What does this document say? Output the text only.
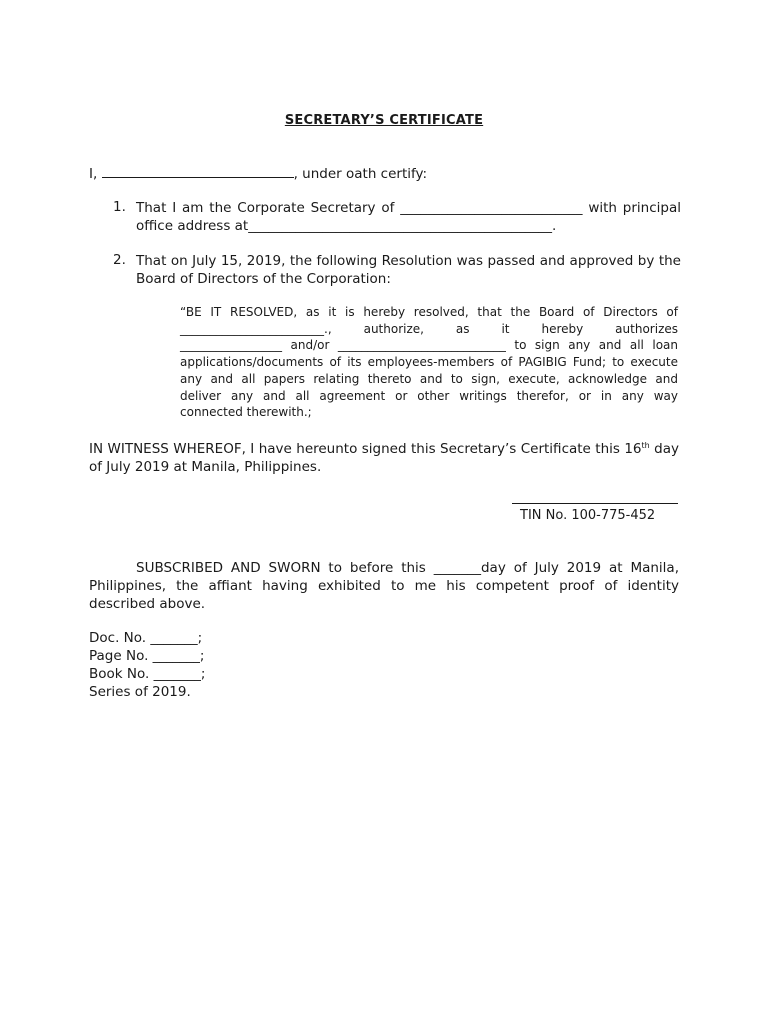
SECRETARY’S CERTIFICATE
I,	, under oath certify:
1. That I am the Corporate Secretary of ___________________________ with principal office address at_____________________________________________.
2. That on July 15, 2019, the following Resolution was passed and approved by the Board of Directors of the Corporation:
“BE IT RESOLVED, as it is hereby resolved, that the Board of Directors of
________________________., authorize, as it hereby authorizes
_________________ and/or ____________________________ to sign any and all loan
applications/documents of its employees-members of PAGIBIG Fund; to execute
any and all papers relating thereto and to sign, execute, acknowledge and
deliver any and all agreement or other writings therefor, or in any way
connected therewith.;
IN WITNESS WHEREOF, I have hereunto signed this Secretary’s Certificate this 16th day of July 2019 at Manila, Philippines.
TIN No. 100-775-452
SUBSCRIBED AND SWORN to before this _______day of July 2019 at Manila, Philippines, the affiant having exhibited to me his competent proof of identity described above.
Doc. No. _______;
Page No. _______;
Book No. _______;
Series of 2019.
